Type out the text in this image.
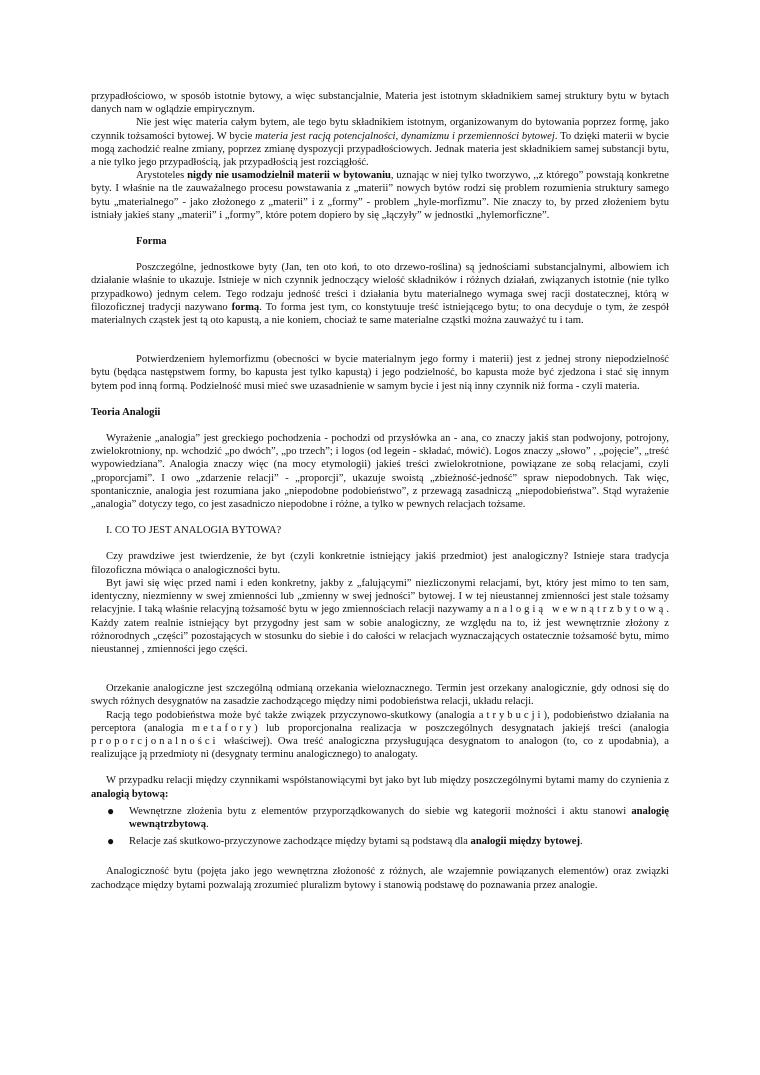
przypadłościowo, w sposób istotnie bytowy, a więc substancjalnie, Materia jest istotnym składnikiem samej struktury bytu w bytach danych nam w oglądzie empirycznym.

Nie jest więc materia całym bytem, ale tego bytu składnikiem istotnym, organizowanym do bytowania poprzez formę, jako czynnik tożsamości bytowej. W bycie materia jest racją potencjalności, dynamizmu i przemienności bytowej. To dzięki materii w bycie mogą zachodzić realne zmiany, poprzez zmianę dyspozycji przypadłościowych. Jednak materia jest składnikiem samej substancji bytu, a nie tylko jego przypadłością, jak przypadłością jest rozciągłość.

Arystoteles nigdy nie usamodzielnił materii w bytowaniu, uznając w niej tylko tworzywo, ,,z którego” powstają konkretne byty. I właśnie na tle zauważalnego procesu powstawania z „materii” nowych bytów rodzi się problem rozumienia struktury samego bytu „materialnego” - jako złożonego z „materii” i z „formy” - problem „hyle-morfizmu”. Nie znaczy to, by przed złożeniem bytu istniały jakieś stany „materii” i „formy”, które potem dopiero by się „łączyły” w jednostki „hylemorficzne”.

Forma

Poszczególne, jednostkowe byty (Jan, ten oto koń, to oto drzewo-roślina) są jednościami substancjalnymi, albowiem ich działanie właśnie to ukazuje. Istnieje w nich czynnik jednoczący wielość składników i różnych działań, związanych istotnie (nie tylko przypadkowo) jednym celem. Tego rodzaju jedność treści i działania bytu materialnego wymaga swej racji dostatecznej, którą w filozoficznej tradycji nazywano formą. To forma jest tym, co konstytuuje treść istniejącego bytu; to ona decyduje o tym, że zespół materialnych cząstek jest tą oto kapustą, a nie koniem, chociaż te same materialne cząstki można zauważyć tu i tam.

Potwierdzeniem hylemorfizmu (obecności w bycie materialnym jego formy i materii) jest z jednej strony niepodzielność bytu (będąca następstwem formy, bo kapusta jest tylko kapustą) i jego podzielność, bo kapusta może być zjedzona i stać się innym bytem pod inną formą. Podzielność musi mieć swe uzasadnienie w samym bycie i jest nią inny czynnik niż forma - czyli materia.

Teoria Analogii

Wyrażenie „analogia” jest greckiego pochodzenia - pochodzi od przysłówka an - ana, co znaczy jakiś stan podwojony, potrojony, zwielokrotniony, np. wchodzić „po dwóch”, „po trzech”; i logos (od legein - składać, mówić). Logos znaczy „słowo” , „pojęcie”, „treść wypowiedziana”. Analogia znaczy więc (na mocy etymologii) jakieś treści zwielokrotnione, powiązane ze sobą relacjami, czyli „proporcjami”. I owo „zdarzenie relacji” - „proporcji”, ukazuje swoistą „zbieżność-jedność” spraw niepodobnych. Tak więc, spontanicznie, analogia jest rozumiana jako „niepodobne podobieństwo”, z przewagą zasadniczą „niepodobieństwa”. Stąd wyrażenie „analogia” dotyczy tego, co jest zasadniczo niepodobne i różne, a tylko w pewnych relacjach tożsame.

I. CO TO JEST ANALOGIA BYTOWA?

Czy prawdziwe jest twierdzenie, że byt (czyli konkretnie istniejący jakiś przedmiot) jest analogiczny? Istnieje stara tradycja filozoficzna mówiąca o analogiczności bytu.

Byt jawi się więc przed nami i eden konkretny, jakby z „falującymi” niezliczonymi relacjami, byt, który jest mimo to ten sam, identyczny, niezmienny w swej zmienności lub „zmienny w swej jedności” bytowej. I w tej nieustannej zmienności jest stale tożsamy relacyjnie. I taką właśnie relacyjną tożsamość bytu w jego zmiennościach relacji nazywamy analogią wewnątrzbytową. Każdy zatem realnie istniejący byt przygodny jest sam w sobie analogiczny, ze względu na to, iż jest wewnętrznie złożony z różnorodnych „części” pozostających w stosunku do siebie i do całości w relacjach wyznaczających ostatecznie tożsamość bytu, mimo nieustannej , zmienności jego części.

Orzekanie analogiczne jest szczególną odmianą orzekania wieloznacznego. Termin jest orzekany analogicznie, gdy odnosi się do swych różnych desygnatów na zasadzie zachodzącego między nimi podobieństwa relacji, układu relacji.

Racją tego podobieństwa może być także związek przyczynowo-skutkowy (analogia atrybucji), podobieństwo działania na perceptora (analogia metafory) lub proporcjonalna realizacja w poszczególnych desygnatach jakiejś treści (analogia proporcjonalności właściwej). Owa treść analogiczna przysługująca desygnatom to analogon (to, co z upodabnia), a realizujące ją przedmioty ni (desygnaty terminu analogicznego) to analogaty.

W przypadku relacji między czynnikami współstanowiącymi byt jako byt lub między poszczególnymi bytami mamy do czynienia z analogią bytową:

● Wewnętrzne złożenia bytu z elementów przyporządkowanych do siebie wg kategorii możności i aktu stanowi analogię wewnątrzbytową.
● Relacje zaś skutkowo-przyczynowe zachodzące między bytami są podstawą dla analogii między bytowej.

Analogiczność bytu (pojęta jako jego wewnętrzna złożoność z różnych, ale wzajemnie powiązanych elementów) oraz związki zachodzące między bytami pozwalają zrozumieć pluralizm bytowy i stanowią podstawę do poznawania przez analogie.
